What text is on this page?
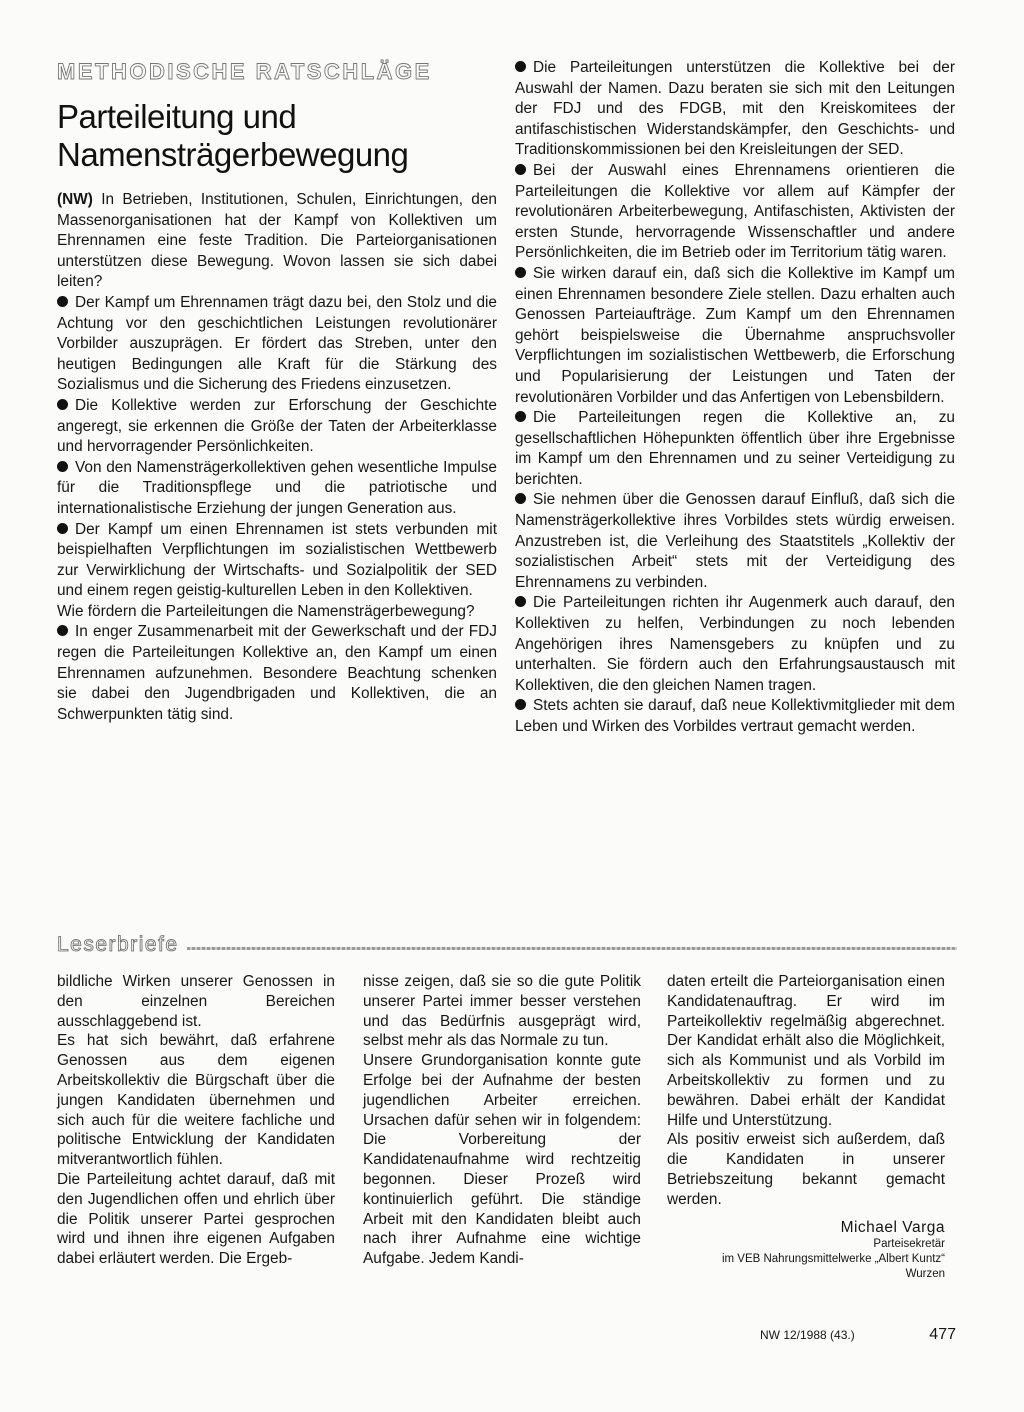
METHODISCHE RATSCHLÄGE
Parteileitung und
Namensträgerbewegung

(NW) In Betrieben, Institutionen, Schulen, Einrichtungen, den Massenorganisationen hat der Kampf von Kollektiven um Ehrennamen eine feste Tradition. Die Parteiorganisationen unterstützen diese Bewegung. Wovon lassen sie sich dabei leiten?

Der Kampf um Ehrennamen trägt dazu bei, den Stolz und die Achtung vor den geschichtlichen Leistungen revolutionärer Vorbilder auszuprägen. Er fördert das Streben, unter den heutigen Bedingungen alle Kraft für die Stärkung des Sozialismus und die Sicherung des Friedens einzusetzen.

Die Kollektive werden zur Erforschung der Geschichte angeregt, sie erkennen die Größe der Taten der Arbeiterklasse und hervorragender Persönlichkeiten.

Von den Namensträgerkollektiven gehen wesentliche Impulse für die Traditionspflege und die patriotische und internationalistische Erziehung der jungen Generation aus.

Der Kampf um einen Ehrennamen ist stets verbunden mit beispielhaften Verpflichtungen im sozialistischen Wettbewerb zur Verwirklichung der Wirtschafts- und Sozialpolitik der SED und einem regen geistig-kulturellen Leben in den Kollektiven.

Wie fördern die Parteileitungen die Namensträgerbewegung?

In enger Zusammenarbeit mit der Gewerkschaft und der FDJ regen die Parteileitungen Kollektive an, den Kampf um einen Ehrennamen aufzunehmen. Besondere Beachtung schenken sie dabei den Jugendbrigaden und Kollektiven, die an Schwerpunkten tätig sind.

Die Parteileitungen unterstützen die Kollektive bei der Auswahl der Namen. Dazu beraten sie sich mit den Leitungen der FDJ und des FDGB, mit den Kreiskomitees der antifaschistischen Widerstandskämpfer, den Geschichts- und Traditionskommissionen bei den Kreisleitungen der SED.

Bei der Auswahl eines Ehrennamens orientieren die Parteileitungen die Kollektive vor allem auf Kämpfer der revolutionären Arbeiterbewegung, Antifaschisten, Aktivisten der ersten Stunde, hervorragende Wissenschaftler und andere Persönlichkeiten, die im Betrieb oder im Territorium tätig waren.

Sie wirken darauf ein, daß sich die Kollektive im Kampf um einen Ehrennamen besondere Ziele stellen. Dazu erhalten auch Genossen Parteiaufträge. Zum Kampf um den Ehrennamen gehört beispielsweise die Übernahme anspruchsvoller Verpflichtungen im sozialistischen Wettbewerb, die Erforschung und Popularisierung der Leistungen und Taten der revolutionären Vorbilder und das Anfertigen von Lebensbildern.

Die Parteileitungen regen die Kollektive an, zu gesellschaftlichen Höhepunkten öffentlich über ihre Ergebnisse im Kampf um den Ehrennamen und zu seiner Verteidigung zu berichten.

Sie nehmen über die Genossen darauf Einfluß, daß sich die Namensträgerkollektive ihres Vorbildes stets würdig erweisen. Anzustreben ist, die Verleihung des Staatstitels „Kollektiv der sozialistischen Arbeit“ stets mit der Verteidigung des Ehrennamens zu verbinden.

Die Parteileitungen richten ihr Augenmerk auch darauf, den Kollektiven zu helfen, Verbindungen zu noch lebenden Angehörigen ihres Namensgebers zu knüpfen und zu unterhalten. Sie fördern auch den Erfahrungsaustausch mit Kollektiven, die den gleichen Namen tragen.

Stets achten sie darauf, daß neue Kollektivmitglieder mit dem Leben und Wirken des Vorbildes vertraut gemacht werden.

Leserbriefe

bildliche Wirken unserer Genossen in den einzelnen Bereichen ausschlaggebend ist.

Es hat sich bewährt, daß erfahrene Genossen aus dem eigenen Arbeitskollektiv die Bürgschaft über die jungen Kandidaten übernehmen und sich auch für die weitere fachliche und politische Entwicklung der Kandidaten mitverantwortlich fühlen.

Die Parteileitung achtet darauf, daß mit den Jugendlichen offen und ehrlich über die Politik unserer Partei gesprochen wird und ihnen ihre eigenen Aufgaben dabei erläutert werden. Die Ergeb-

nisse zeigen, daß sie so die gute Politik unserer Partei immer besser verstehen und das Bedürfnis ausgeprägt wird, selbst mehr als das Normale zu tun.

Unsere Grundorganisation konnte gute Erfolge bei der Aufnahme der besten jugendlichen Arbeiter erreichen. Ursachen dafür sehen wir in folgendem: Die Vorbereitung der Kandidatenaufnahme wird rechtzeitig begonnen. Dieser Prozeß wird kontinuierlich geführt. Die ständige Arbeit mit den Kandidaten bleibt auch nach ihrer Aufnahme eine wichtige Aufgabe. Jedem Kandi-

daten erteilt die Parteiorganisation einen Kandidatenauftrag. Er wird im Parteikollektiv regelmäßig abgerechnet. Der Kandidat erhält also die Möglichkeit, sich als Kommunist und als Vorbild im Arbeitskollektiv zu formen und zu bewähren. Dabei erhält der Kandidat Hilfe und Unterstützung.

Als positiv erweist sich außerdem, daß die Kandidaten in unserer Betriebszeitung bekannt gemacht werden.

Michael Varga
Parteisekretär
im VEB Nahrungsmittelwerke „Albert Kuntz“
Wurzen
NW 12/1988 (43.)	477
